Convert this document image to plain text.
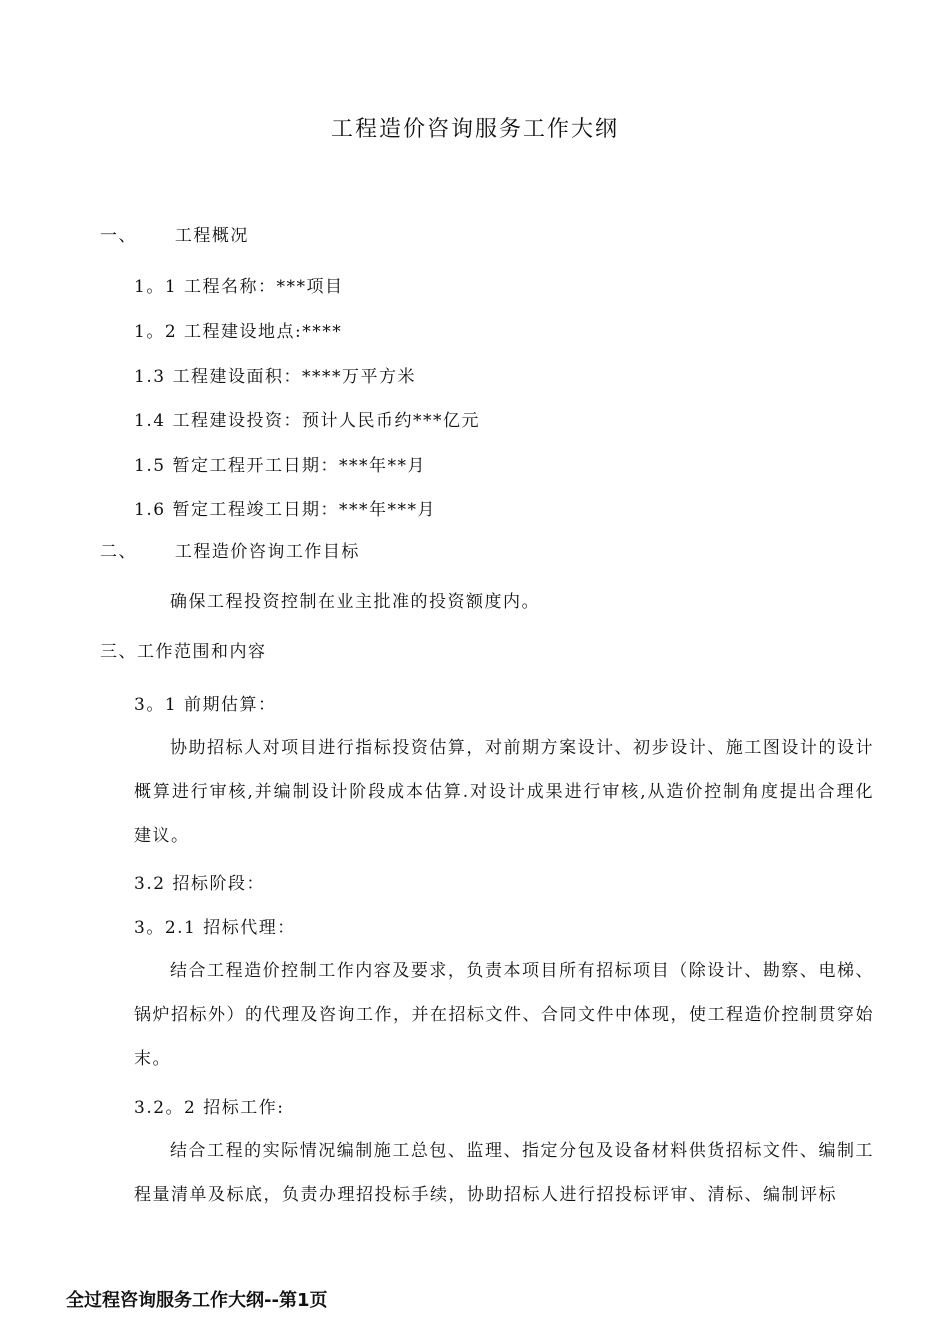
工程造价咨询服务工作大纲
一、 工程概况
1。1 工程名称：***项目
1。2 工程建设地点:****
1.3 工程建设面积：****万平方米
1.4 工程建设投资：预计人民币约***亿元
1.5 暂定工程开工日期：***年**月
1.6 暂定工程竣工日期：***年***月
二、 工程造价咨询工作目标
确保工程投资控制在业主批准的投资额度内。
三、工作范围和内容
3。1 前期估算：
协助招标人对项目进行指标投资估算，对前期方案设计、初步设计、施工图设计的设计概算进行审核,并编制设计阶段成本估算.对设计成果进行审核,从造价控制角度提出合理化建议。
3.2 招标阶段：
3。2.1 招标代理：
结合工程造价控制工作内容及要求，负责本项目所有招标项目（除设计、勘察、电梯、锅炉招标外）的代理及咨询工作，并在招标文件、合同文件中体现，使工程造价控制贯穿始末。
3.2。2 招标工作:
结合工程的实际情况编制施工总包、监理、指定分包及设备材料供货招标文件、编制工程量清单及标底，负责办理招投标手续，协助招标人进行招投标评审、清标、编制评标
全过程咨询服务工作大纲--第1页
